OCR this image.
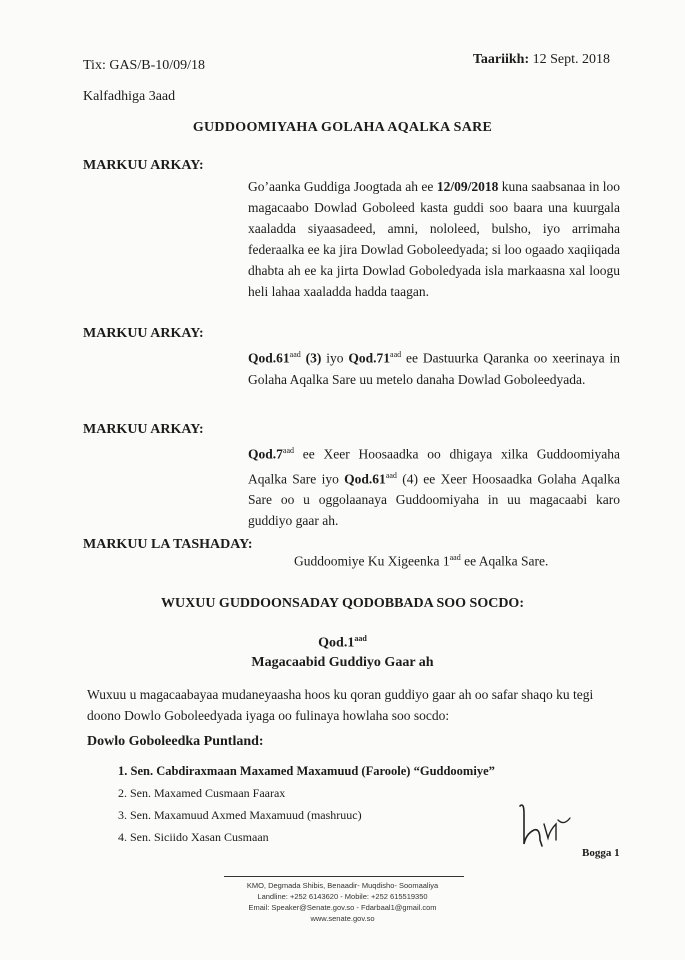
Tix: GAS/B-10/09/18	Taariikh: 12 Sept. 2018
Kalfadhiga 3aad
GUDDOOMIYAHA GOLAHA AQALKA SARE
MARKUU ARKAY:
Go’aanka Guddiga Joogtada ah ee 12/09/2018 kuna saabsanaa in loo magacaabo Dowlad Goboleed kasta guddi soo baara una kuurgala xaaladda siyaasadeed, amni, nololeed, bulsho, iyo arrimaha federaalka ee ka jira Dowlad Goboleedyada; si loo ogaado xaqiiqada dhabta ah ee ka jirta Dowlad Goboledyada isla markaasna xal loogu heli lahaa xaaladda hadda taagan.
MARKUU ARKAY:
Qod.61$^{aad}$ (3) iyo Qod.71$^{aad}$ ee Dastuurka Qaranka oo xeerinaya in Golaha Aqalka Sare uu metelo danaha Dowlad Goboleedyada.
MARKUU ARKAY:
Qod.7$^{aad}$ ee Xeer Hoosaadka oo dhigaya xilka Guddoomiyaha Aqalka Sare iyo Qod.61$^{aad}$ (4) ee Xeer Hoosaadka Golaha Aqalka Sare oo u oggolaanaya Guddoomiyaha in uu magacaabi karo guddiyo gaar ah.
MARKUU LA TASHADAY:
Guddoomiye Ku Xigeenka $1^{aad}$ ee Aqalka Sare.
WUXUU GUDDOONSADAY QODOBBADA SOO SOCDO:
Qod.1$^{aad}$
Magacaabid Guddiyo Gaar ah
Wuxuu u magacaabayaa mudaneyaasha hoos ku qoran guddiyo gaar ah oo safar shaqo ku tegi doono Dowlo Goboleedyada iyaga oo fulinaya howlaha soo socdo:
Dowlo Goboleedka Puntland:
1. Sen. Cabdiraxmaan Maxamed Maxamuud (Faroole) “Guddoomiye”
2. Sen. Maxamed Cusmaan Faarax
3. Sen. Maxamuud Axmed Maxamuud (mashruuc)
4. Sen. Siciido Xasan Cusmaan
Bogga 1
KMO, Degmada Shibis, Benaadir- Muqdisho- Soomaaliya
Landline: +252 6143620 - Mobile: +252 615519350
Email: Speaker@Senate.gov.so - Fdarbaal1@gmail.com
www.senate.gov.so
